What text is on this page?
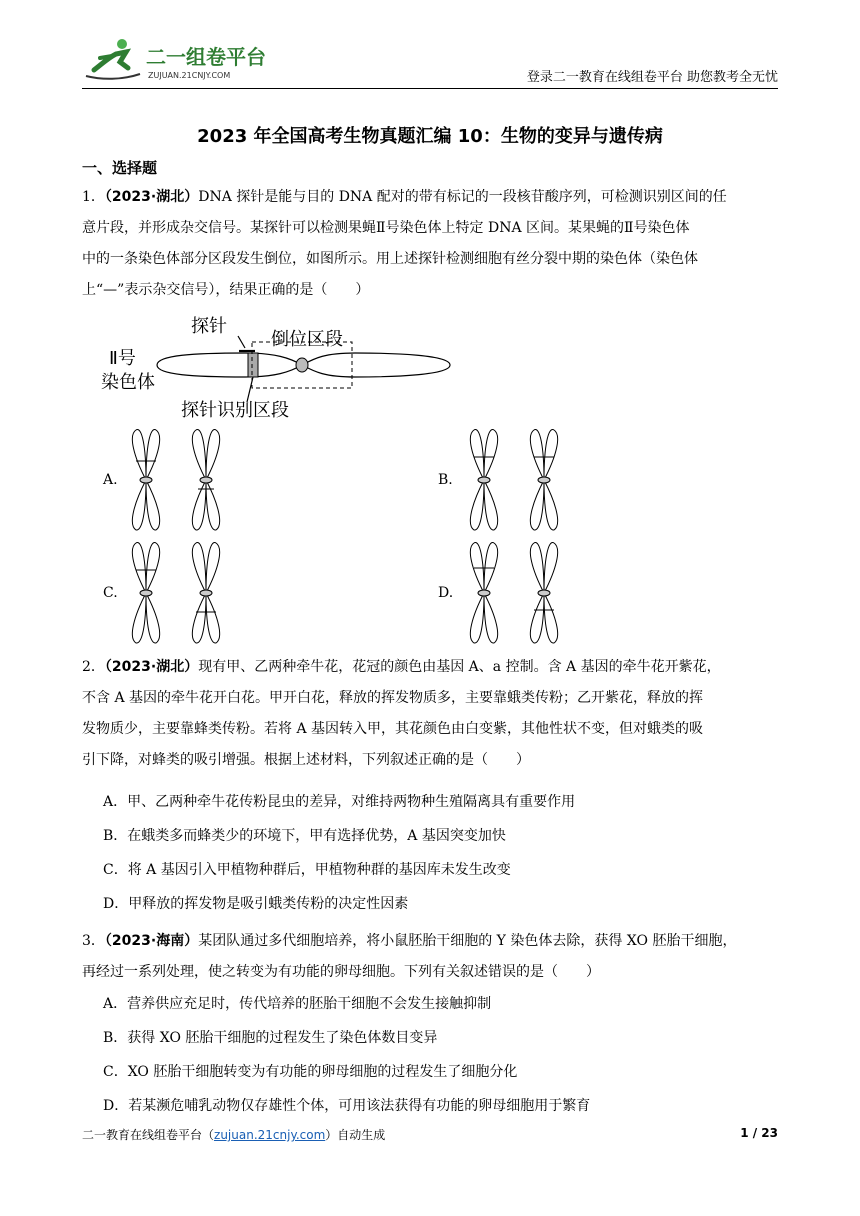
二一组卷平台
ZUJUAN.21CNJY.COM	登录二一教育在线组卷平台 助您教考全无忧
2023 年全国高考生物真题汇编 10：生物的变异与遗传病
一、选择题
1．（2023·湖北）DNA 探针是能与目的 DNA 配对的带有标记的一段核苷酸序列，可检测识别区间的任
意片段，并形成杂交信号。某探针可以检测果蝇Ⅱ号染色体上特定 DNA 区间。某果蝇的Ⅱ号染色体
中的一条染色体部分区段发生倒位，如图所示。用上述探针检测细胞有丝分裂中期的染色体（染色体
上“—”表示杂交信号），结果正确的是（　　）
探针
倒位区段
Ⅱ号
染色体
探针识别区段
A.	B.
C.	D.
2．（2023·湖北）现有甲、乙两种牵牛花，花冠的颜色由基因 A、a 控制。含 A 基因的牵牛花开紫花，
不含 A 基因的牵牛花开白花。甲开白花，释放的挥发物质多，主要靠蛾类传粉；乙开紫花，释放的挥
发物质少，主要靠蜂类传粉。若将 A 基因转入甲，其花颜色由白变紫，其他性状不变，但对蛾类的吸
引下降，对蜂类的吸引增强。根据上述材料，下列叙述正确的是（　　）
A．甲、乙两种牵牛花传粉昆虫的差异，对维持两物种生殖隔离具有重要作用
B．在蛾类多而蜂类少的环境下，甲有选择优势，A 基因突变加快
C．将 A 基因引入甲植物种群后，甲植物种群的基因库未发生改变
D．甲释放的挥发物是吸引蛾类传粉的决定性因素
3．（2023·海南）某团队通过多代细胞培养，将小鼠胚胎干细胞的 Y 染色体去除，获得 XO 胚胎干细胞，
再经过一系列处理，使之转变为有功能的卵母细胞。下列有关叙述错误的是（　　）
A．营养供应充足时，传代培养的胚胎干细胞不会发生接触抑制
B．获得 XO 胚胎干细胞的过程发生了染色体数目变异
C．XO 胚胎干细胞转变为有功能的卵母细胞的过程发生了细胞分化
D．若某濒危哺乳动物仅存雄性个体，可用该法获得有功能的卵母细胞用于繁育
二一教育在线组卷平台（zujuan.21cnjy.com）自动生成	1 / 23
